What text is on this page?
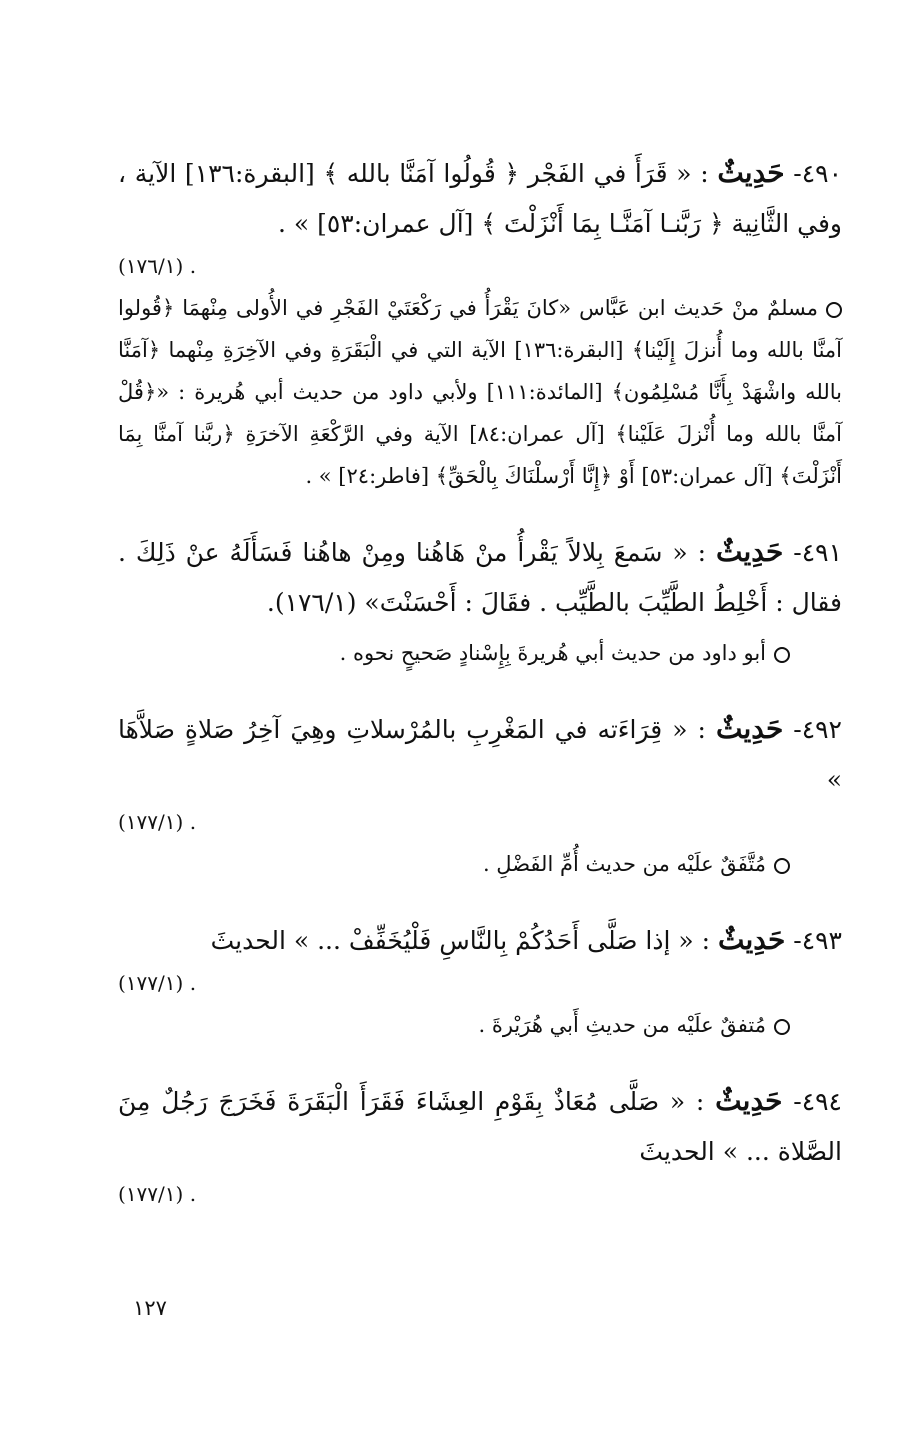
٤٩٠- حَدِيثٌ : « قَرَأَ في الفَجْر ﴿ قُولُوا آمَنَّا بالله ﴾ [البقرة:١٣٦] الآية ، وفي الثَّانِية ﴿ رَبَّنـا آمَنَّـا بِمَا أَنْزَلْتَ ﴾ [آل عمران:٥٣] » .
. (١٧٦/١)
مسلمٌ منْ حَديث ابن عَبَّاس «كانَ يَقْرَأُ في رَكْعَتَيْ الفَجْرِ في الأُولى مِنْهمَا ﴿قُولوا آمنَّا بالله وما أُنزلَ إِلَيْنا﴾ [البقرة:١٣٦] الآية التي في الْبَقَرَةِ وفي الآخِرَةِ مِنْهما ﴿آمَنَّا بالله واشْهَدْ بِأَنَّا مُسْلِمُون﴾ [المائدة:١١١] ولأبي داود من حديث أبي هُريرة : «﴿قُلْ آمنَّا بالله وما أُنْزلَ عَلَيْنا﴾ [آل عمران:٨٤] الآية وفي الرَّكْعَةِ الآخرَةِ ﴿ربَّنا آمنَّا بِمَا أَنْزَلْتَ﴾ [آل عمران:٥٣] أَوْ ﴿إِنَّا أَرْسلْنَاكَ بِالْحَقِّ﴾ [فاطر:٢٤] » .
٤٩١- حَدِيثٌ : « سَمعَ بِلالاً يَقْرأُ منْ هَاهُنا ومِنْ هاهُنا فَسَأَلَهُ عنْ ذَلِكَ . فقال : أَخْلِطُ الطَّيِّبَ بالطَّيِّب . فقَالَ : أَحْسَنْتَ» (١٧٦/١).
أبو داود من حديث أبي هُريرةَ بِإِسْنادٍ صَحيحٍ نحوه .
٤٩٢- حَدِيثٌ : « قِرَاءَته في المَغْرِبِ بالمُرْسلاتِ وهِيَ آخِرُ صَلاةٍ صَلاَّهَا »
. (١٧٧/١)
مُتَّفَقٌ علَيْه من حديث أُمِّ الفَضْلِ .
٤٩٣- حَدِيثٌ : « إذا صَلَّى أَحَدُكُمْ بِالنَّاسِ فَلْيُخَفِّفْ ... » الحديثَ
. (١٧٧/١)
مُتفقٌ علَيْه من حديثِ أَبي هُرَيْرةَ .
٤٩٤- حَدِيثٌ : « صَلَّى مُعَاذٌ بِقَوْمِ العِشَاءَ فَقَرَأَ الْبَقَرَةَ فَخَرَجَ رَجُلٌ مِنَ الصَّلاة ... » الحديثَ
. (١٧٧/١)
١٢٧
